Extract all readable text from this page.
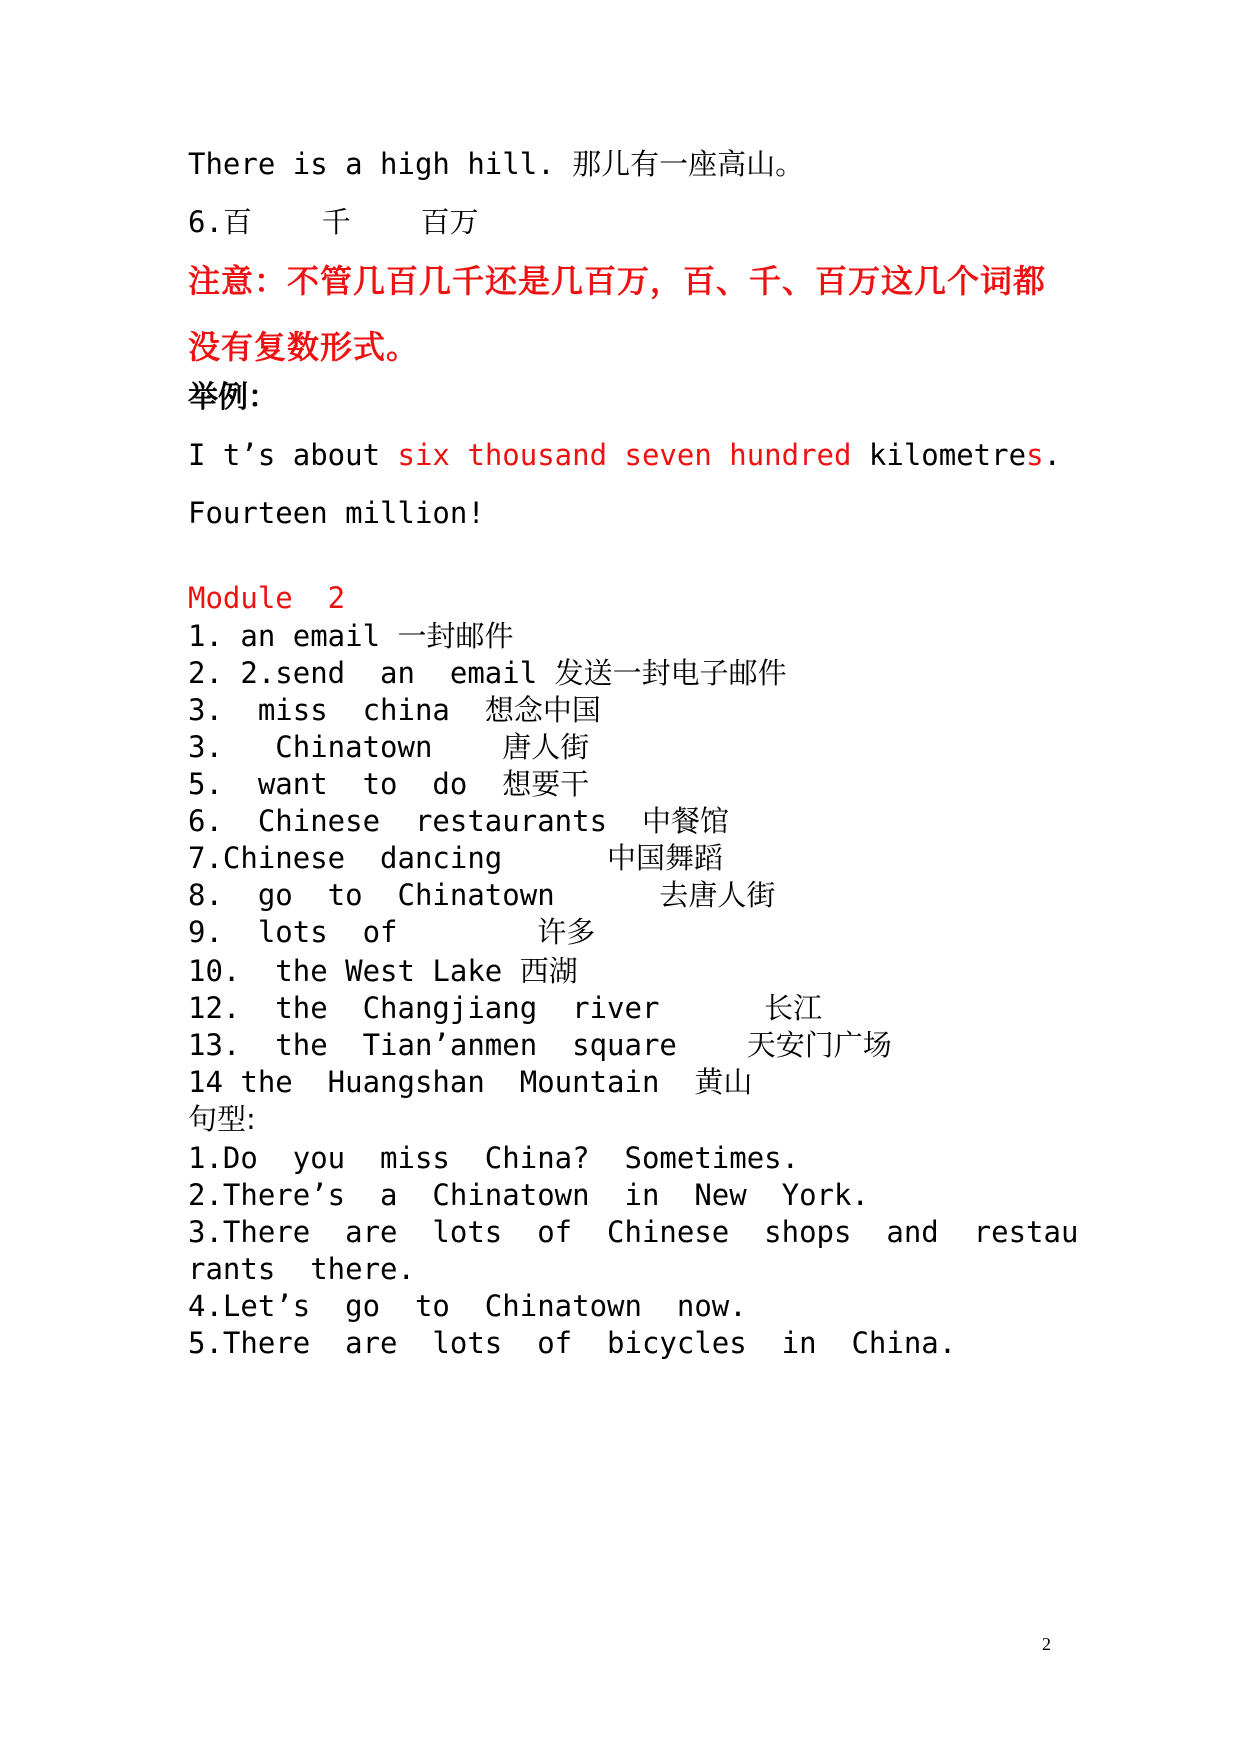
There is a high hill. 那儿有一座高山。
6.百    千    百万
注意：不管几百几千还是几百万，百、千、百万这几个词都没有复数形式。
举例：
I t’s about six thousand seven hundred kilometres.
Fourteen million!
Module  2
1. an email 一封邮件
2. 2.send  an  email 发送一封电子邮件
3.  miss  china  想念中国
3.   Chinatown    唐人街
5.  want  to  do  想要干
6.  Chinese  restaurants  中餐馆
7.Chinese  dancing      中国舞蹈
8.  go  to  Chinatown      去唐人街
9.  lots  of        许多
10.  the West Lake 西湖
12.  the  Changjiang  river      长江
13.  the  Tian’anmen  square    天安门广场
14 the  Huangshan  Mountain  黄山
句型:
1.Do  you  miss  China?  Sometimes.
2.There’s  a  Chinatown  in  New  York.
3.There  are  lots  of  Chinese  shops  and  restau
rants  there.
4.Let’s  go  to  Chinatown  now.
5.There  are  lots  of  bicycles  in  China.
2
